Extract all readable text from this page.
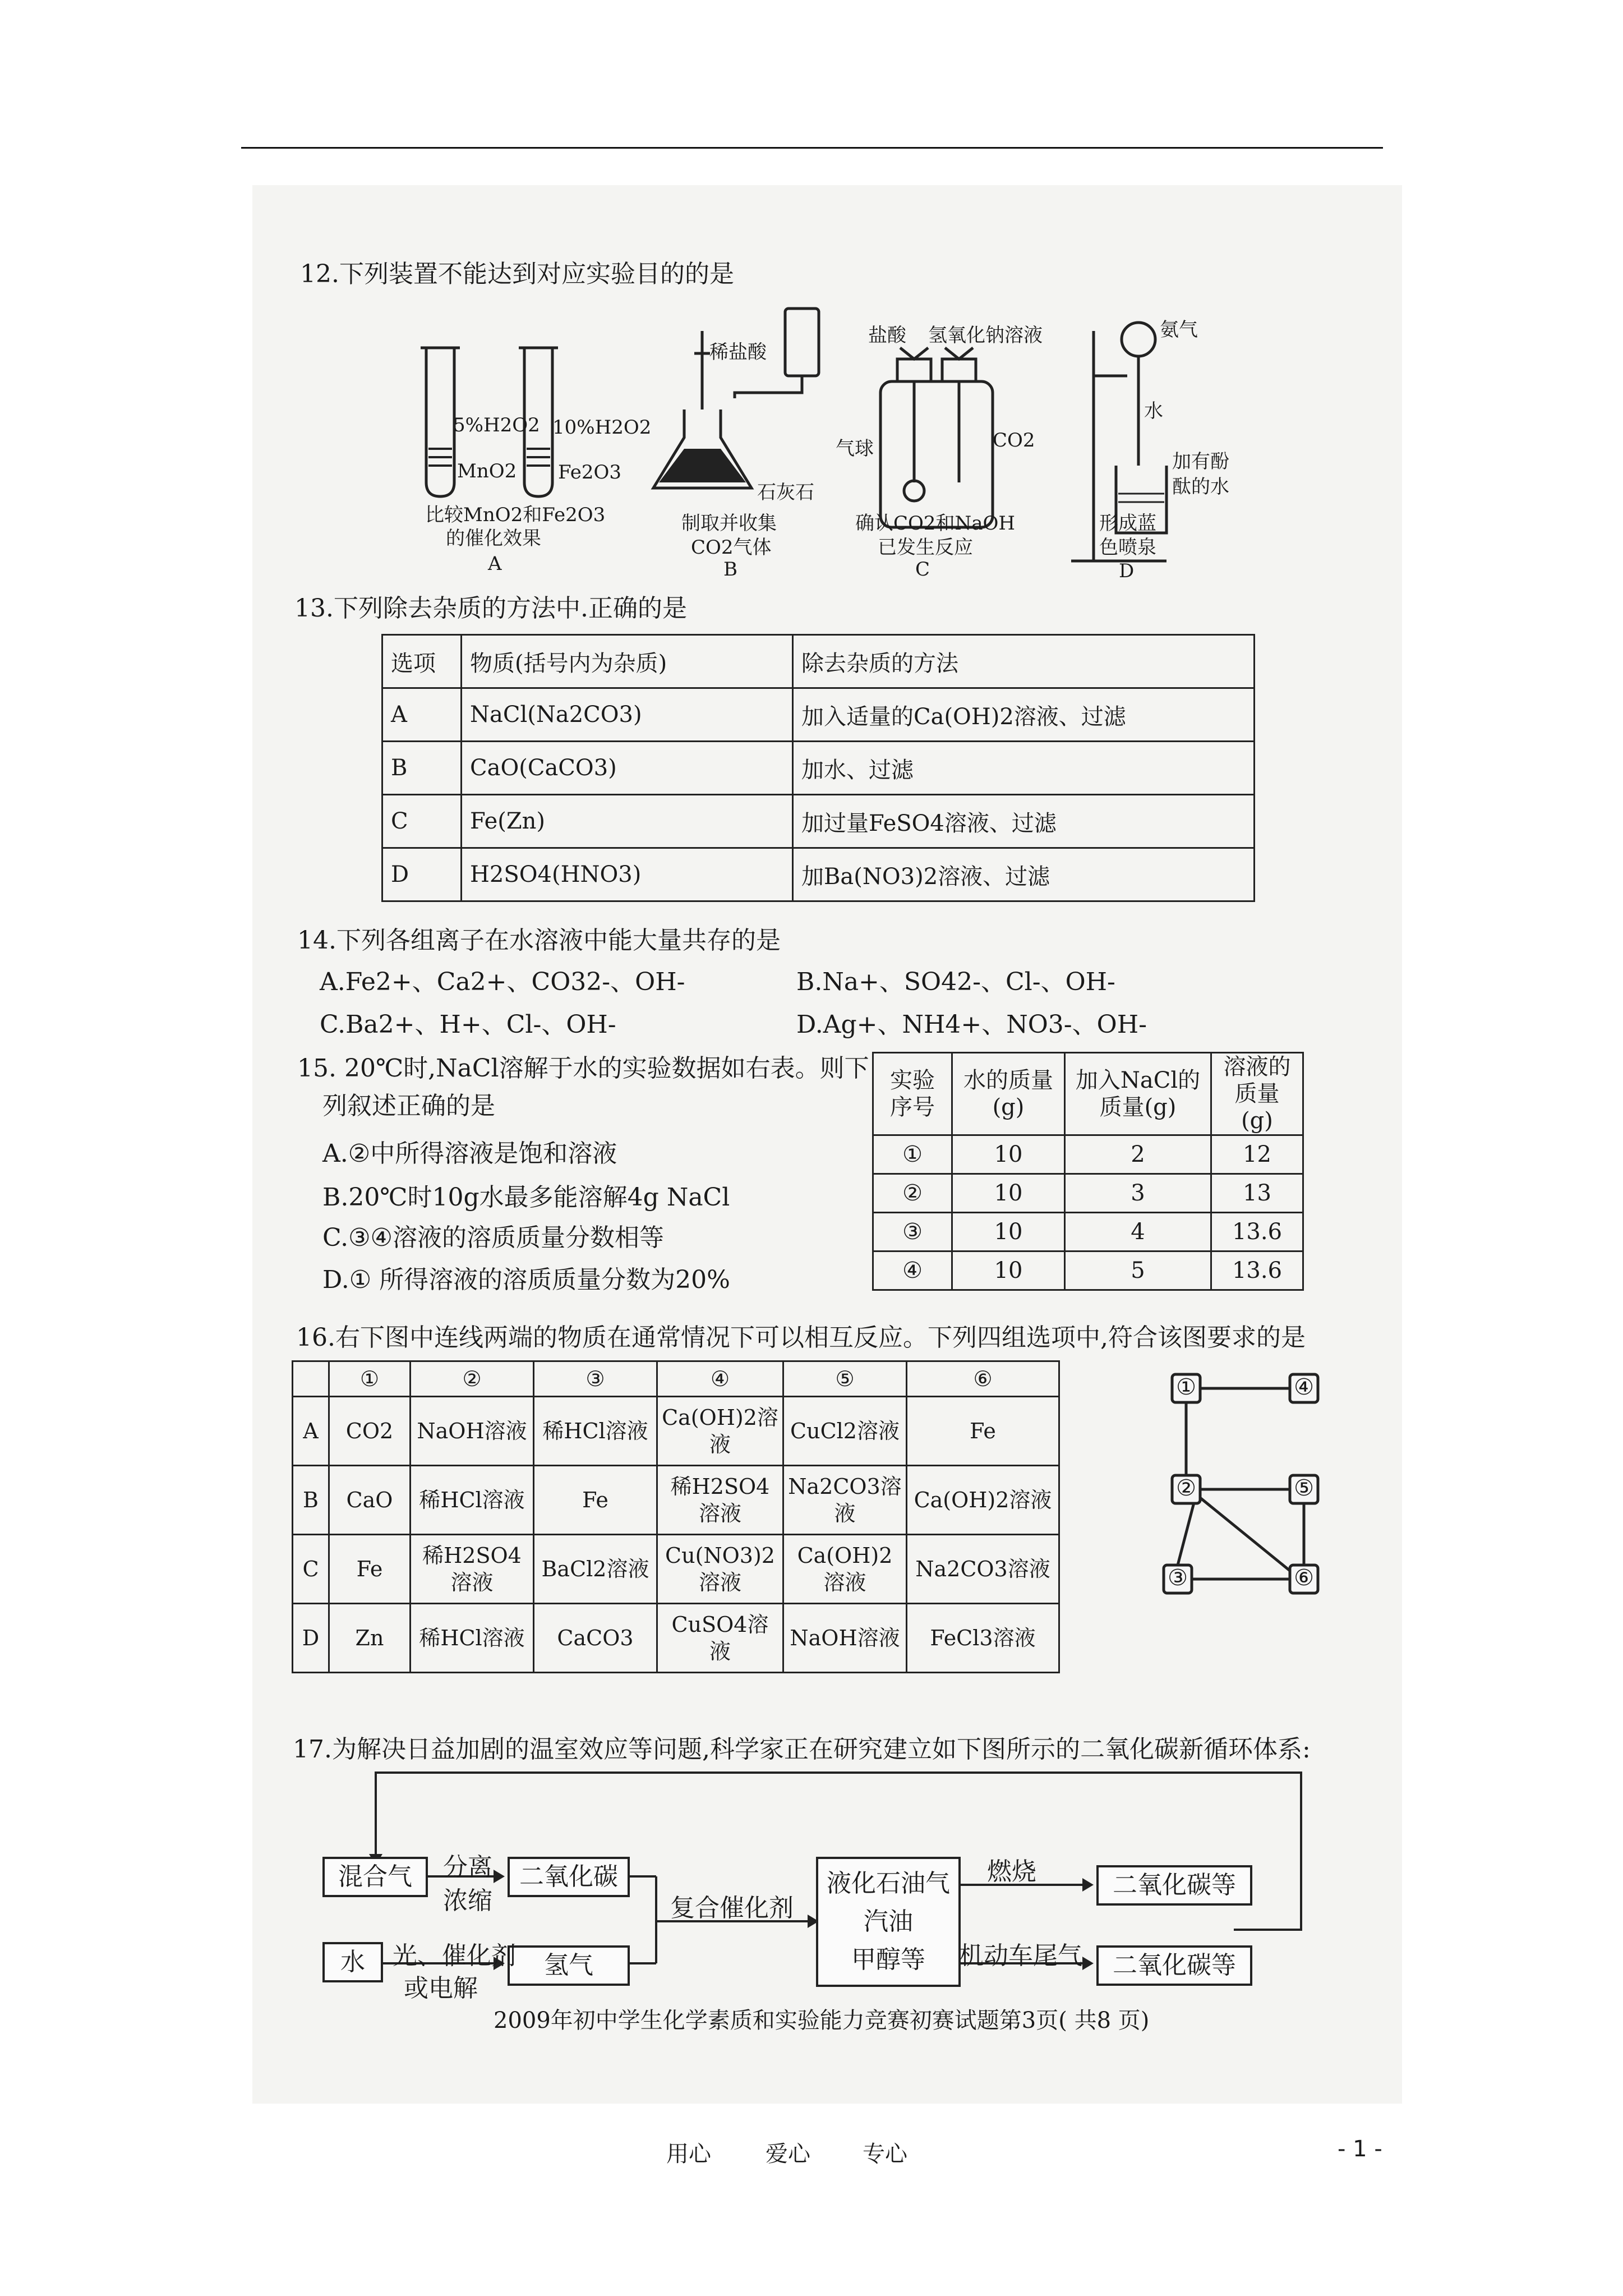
12.下列装置不能达到对应实验目的的是
5%H2O2 10%H2O2
MnO2 Fe2O3
比较MnO2和Fe2O3
的催化效果
A
稀盐酸
石灰石
制取并收集
CO2气体
B
盐酸 氢氧化钠溶液
气球	CO2
确认CO2和NaOH
已发生反应
C
氨气
水
加有酚
酞的水
形成蓝
色喷泉
D
13.下列除去杂质的方法中.正确的是
选项	物质(括号内为杂质)	除去杂质的方法
A	NaCl(Na2CO3)	加入适量的Ca(OH)2溶液、过滤
B	CaO(CaCO3)	加水、过滤
C	Fe(Zn)	加过量FeSO4溶液、过滤
D	H2SO4(HNO3)	加Ba(NO3)2溶液、过滤
14.下列各组离子在水溶液中能大量共存的是
A.Fe2+、Ca2+、CO32-、OH-	B.Na+、SO42-、Cl-、OH-
C.Ba2+、H+、Cl-、OH-	D.Ag+、NH4+、NO3-、OH-
15. 20℃时,NaCl溶解于水的实验数据如右表。则下
列叙述正确的是
A.②中所得溶液是饱和溶液
B.20℃时10g水最多能溶解4g NaCl
C.③④溶液的溶质质量分数相等
D.① 所得溶液的溶质质量分数为20%
实验序号	水的质量(g)	加入NaCl的质量(g)	溶液的质量(g)
①	10	2	12
②	10	3	13
③	10	4	13.6
④	10	5	13.6
16.右下图中连线两端的物质在通常情况下可以相互反应。下列四组选项中,符合该图要求的是
	①	②	③	④	⑤	⑥
A	CO2	NaOH溶液	稀HCl溶液	Ca(OH)2溶液	CuCl2溶液	Fe
B	CaO	稀HCl溶液	Fe	稀H2SO4溶液	Na2CO3溶液	Ca(OH)2溶液
C	Fe	稀H2SO4溶液	BaCl2溶液	Cu(NO3)2溶液	Ca(OH)2溶液	Na2CO3溶液
D	Zn	稀HCl溶液	CaCO3	CuSO4溶液	NaOH溶液	FeCl3溶液
①	④
②	⑤
③	⑥
17.为解决日益加剧的温室效应等问题,科学家正在研究建立如下图所示的二氧化碳新循环体系:
混合气
水
二氧化碳
氢气
液化石油气
汽油
甲醇等
二氧化碳等
二氧化碳等
分离
浓缩
光、催化剂
或电解
复合催化剂
燃烧
机动车尾气
2009年初中学生化学素质和实验能力竞赛初赛试题第3页( 共8 页)
用心 爱心 专心	- 1 -
